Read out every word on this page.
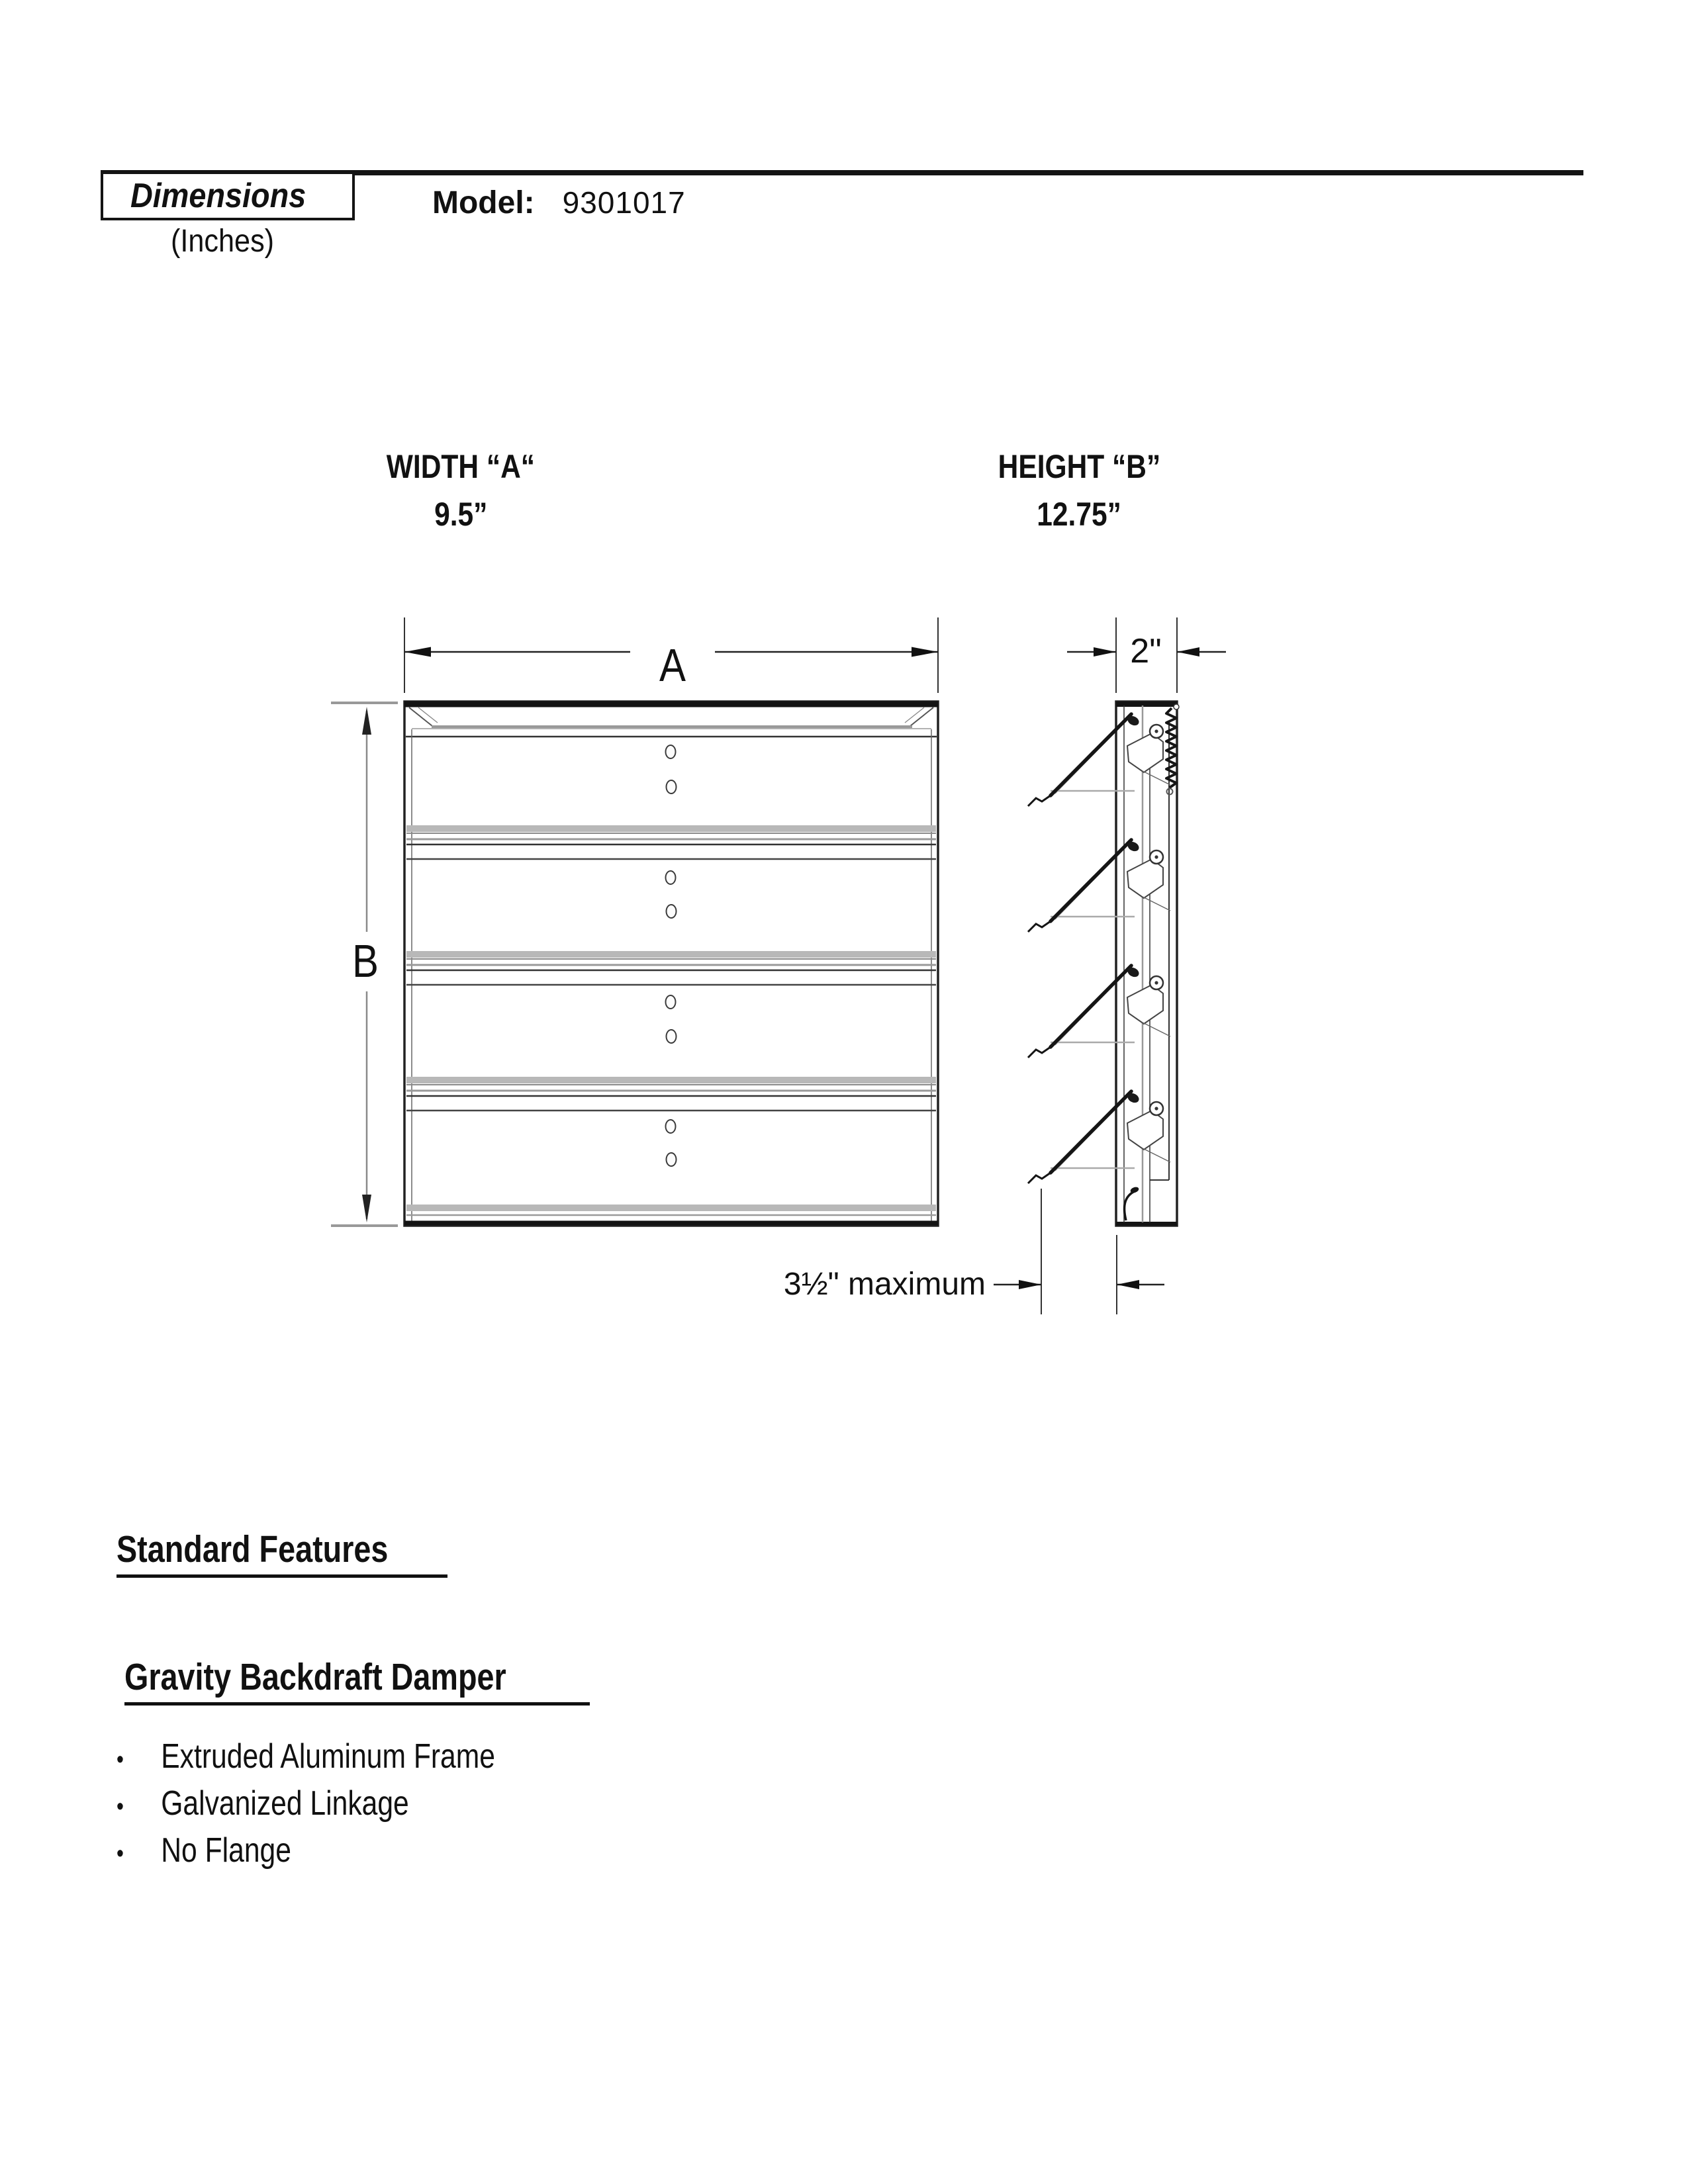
Dimensions
(Inches)
Model: 9301017
WIDTH “A“
9.5”
HEIGHT “B”
12.75”
A
B
2"
3½" maximum
Standard Features
Gravity Backdraft Damper
•	Extruded Aluminum Frame
•	Galvanized Linkage
•	No Flange
